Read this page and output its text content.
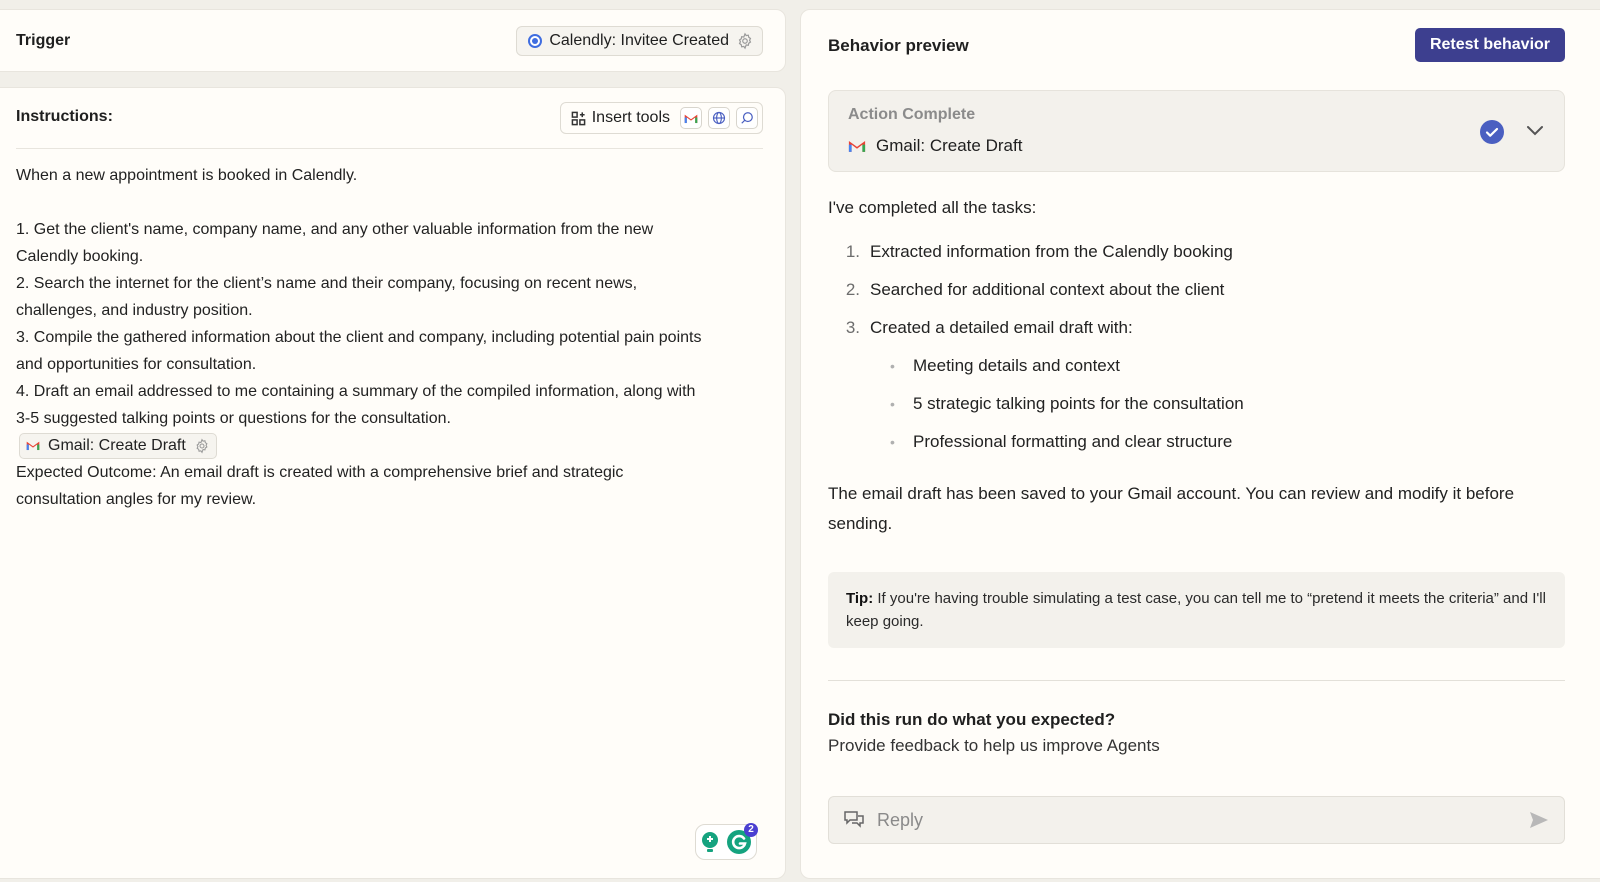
Trigger	Calendly: Invitee Created
Instructions:	Insert tools
When a new appointment is booked in Calendly.
1. Get the client's name, company name, and any other valuable information from the new
Calendly booking.
2. Search the internet for the client’s name and their company, focusing on recent news,
challenges, and industry position.
3. Compile the gathered information about the client and company, including potential pain points
and opportunities for consultation.
4. Draft an email addressed to me containing a summary of the compiled information, along with
3-5 suggested talking points or questions for the consultation.
Gmail: Create Draft
Expected Outcome: An email draft is created with a comprehensive brief and strategic
consultation angles for my review.
2
Behavior preview	Retest behavior
Action Complete
Gmail: Create Draft
I've completed all the tasks:
1. Extracted information from the Calendly booking
2. Searched for additional context about the client
3. Created a detailed email draft with:
•	Meeting details and context
•	5 strategic talking points for the consultation
•	Professional formatting and clear structure
The email draft has been saved to your Gmail account. You can review and modify it before sending.
Tip: If you're having trouble simulating a test case, you can tell me to “pretend it meets the criteria” and I'll keep going.
Did this run do what you expected?
Provide feedback to help us improve Agents
Reply
